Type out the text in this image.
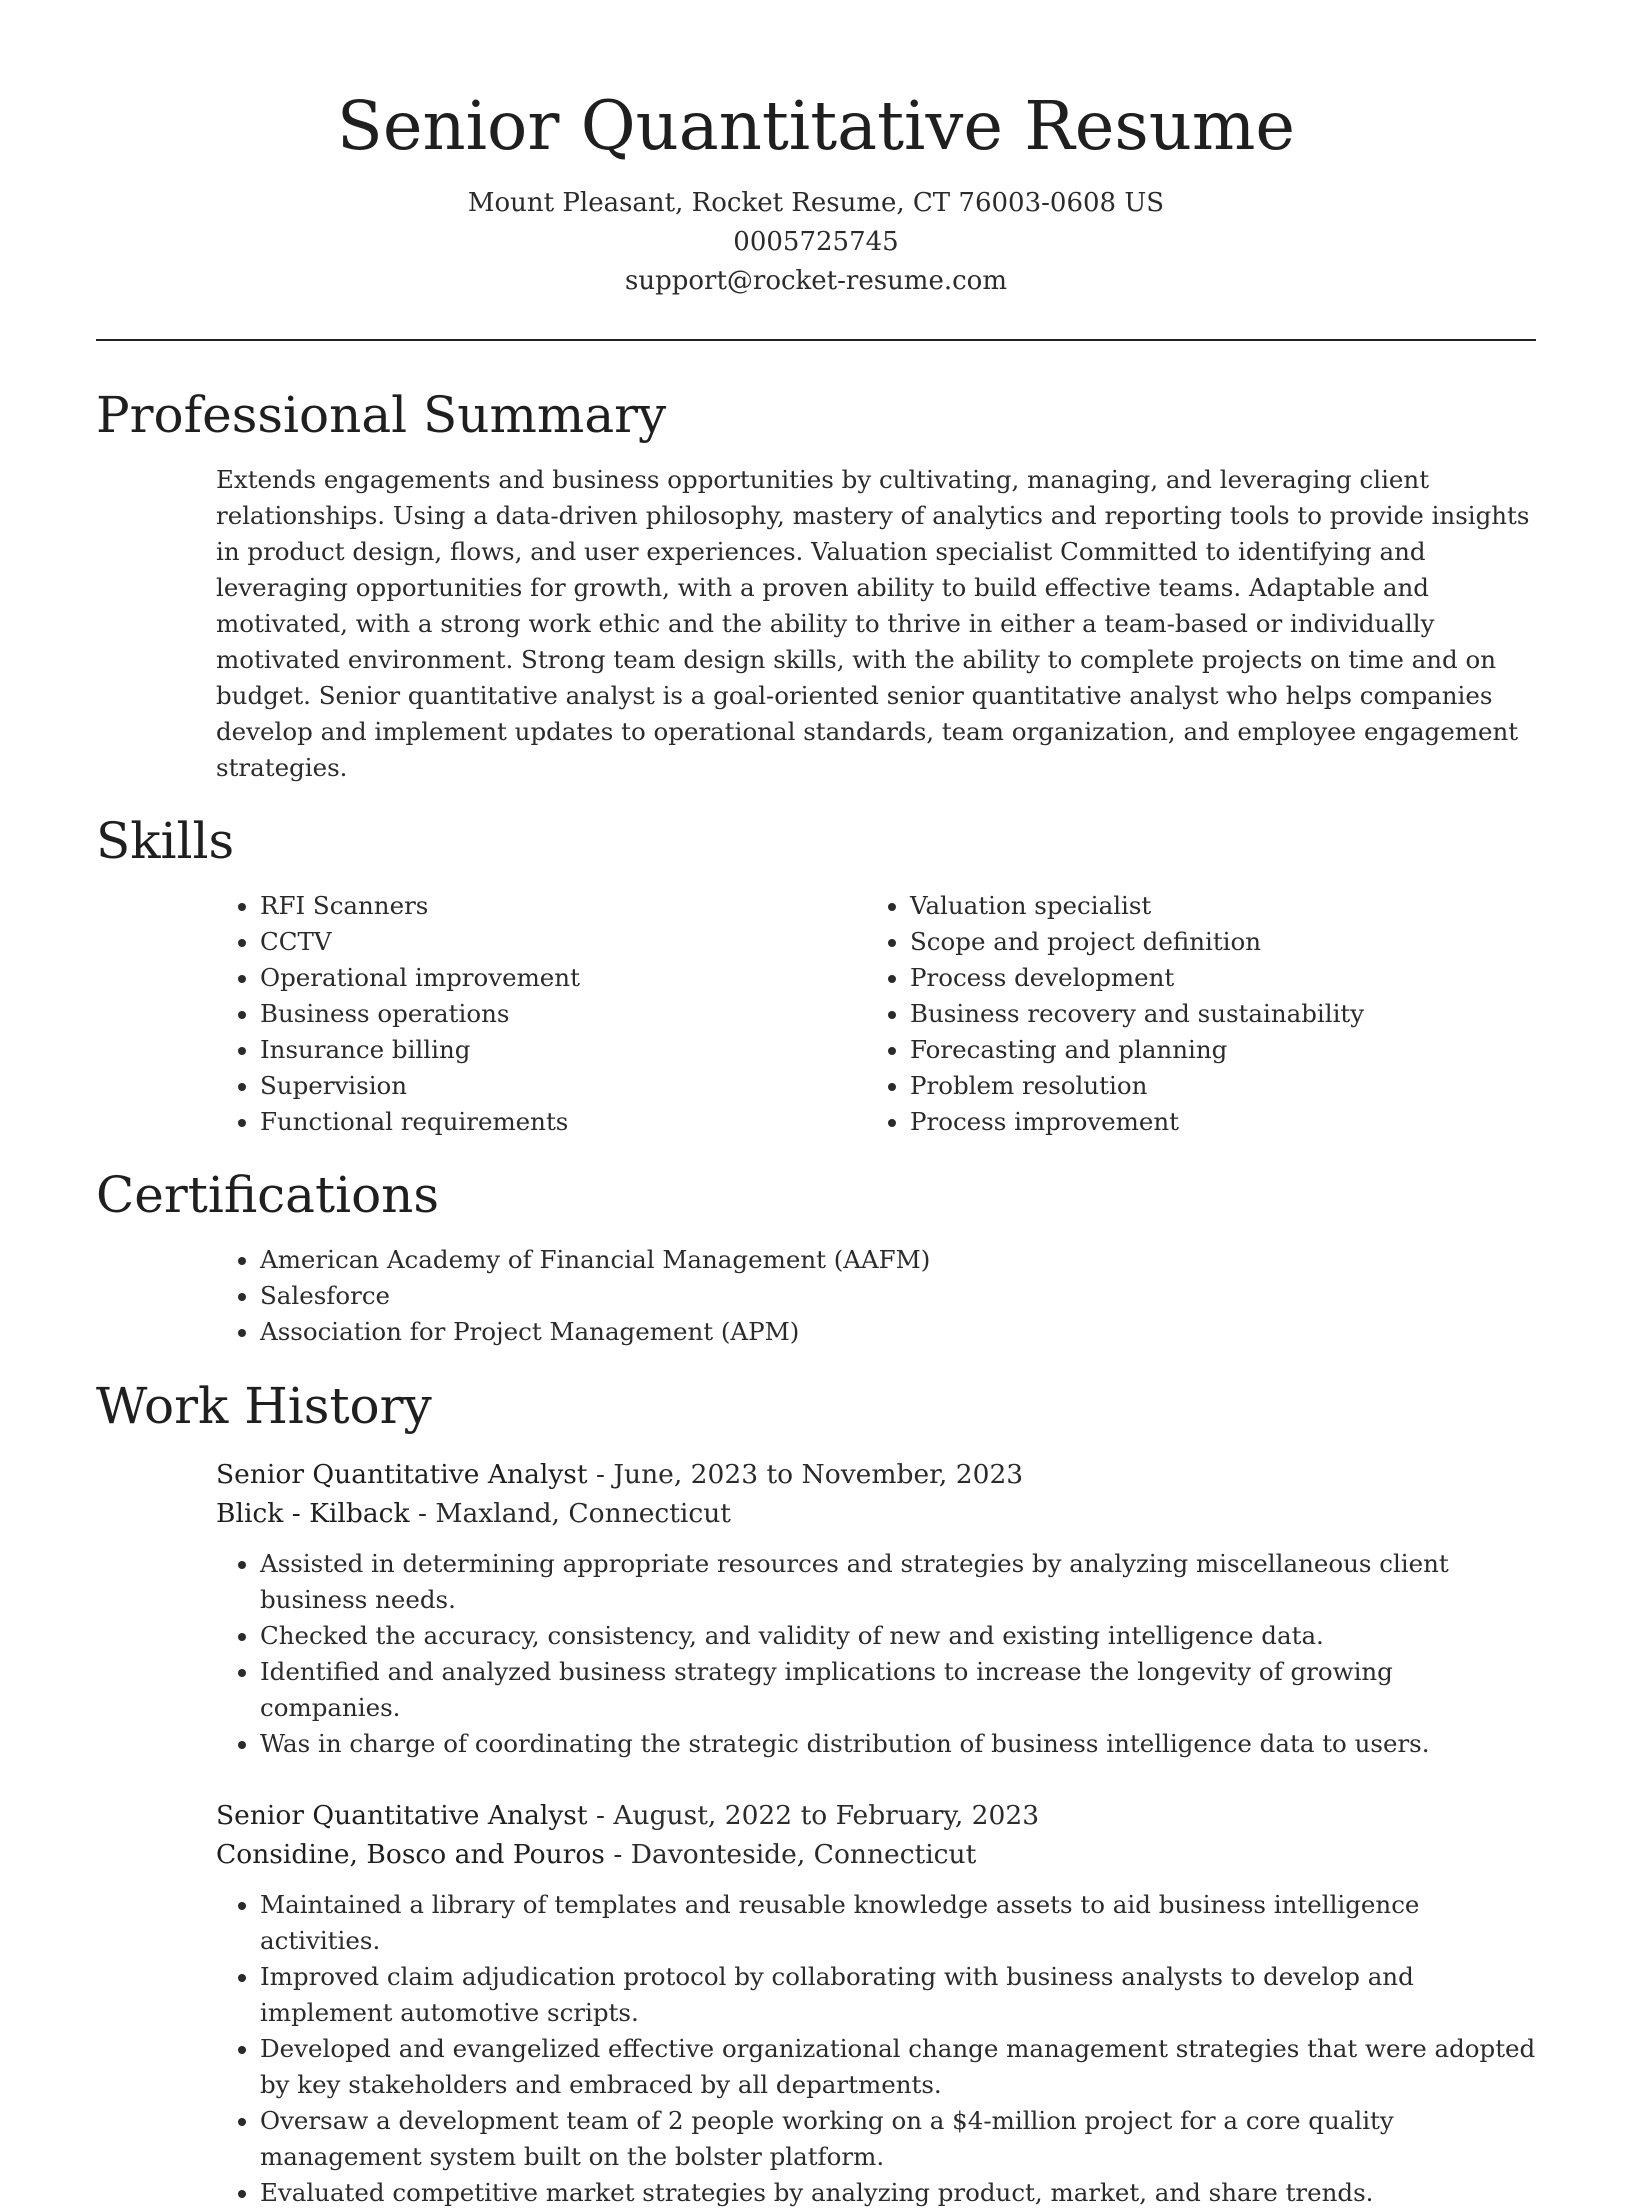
Senior Quantitative Resume
Mount Pleasant, Rocket Resume, CT 76003-0608 US
0005725745
support@rocket-resume.com
Professional Summary

Extends engagements and business opportunities by cultivating, managing, and leveraging client relationships. Using a data-driven philosophy, mastery of analytics and reporting tools to provide insights in product design, flows, and user experiences. Valuation specialist Committed to identifying and leveraging opportunities for growth, with a proven ability to build effective teams. Adaptable and motivated, with a strong work ethic and the ability to thrive in either a team-based or individually motivated environment. Strong team design skills, with the ability to complete projects on time and on budget. Senior quantitative analyst is a goal-oriented senior quantitative analyst who helps companies develop and implement updates to operational standards, team organization, and employee engagement strategies.

Skills
• RFI Scanners
• CCTV
• Operational improvement
• Business operations
• Insurance billing
• Supervision
• Functional requirements
• Valuation specialist
• Scope and project definition
• Process development
• Business recovery and sustainability
• Forecasting and planning
• Problem resolution
• Process improvement
Certifications
• American Academy of Financial Management (AAFM)
• Salesforce
• Association for Project Management (APM)
Work History
Senior Quantitative Analyst - June, 2023 to November, 2023
Blick - Kilback - Maxland, Connecticut
• Assisted in determining appropriate resources and strategies by analyzing miscellaneous client business needs.
• Checked the accuracy, consistency, and validity of new and existing intelligence data.
• Identified and analyzed business strategy implications to increase the longevity of growing companies.
• Was in charge of coordinating the strategic distribution of business intelligence data to users.
Senior Quantitative Analyst - August, 2022 to February, 2023
Considine, Bosco and Pouros - Davonteside, Connecticut
• Maintained a library of templates and reusable knowledge assets to aid business intelligence activities.
• Improved claim adjudication protocol by collaborating with business analysts to develop and implement automotive scripts.
• Developed and evangelized effective organizational change management strategies that were adopted by key stakeholders and embraced by all departments.
• Oversaw a development team of 2 people working on a $4-million project for a core quality management system built on the bolster platform.
• Evaluated competitive market strategies by analyzing product, market, and share trends.
